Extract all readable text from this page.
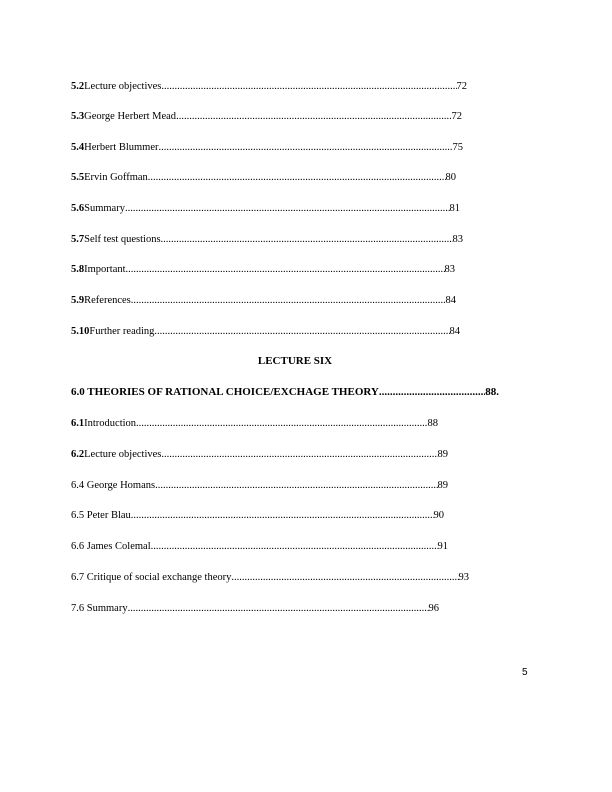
5.2 Lecture objectives .....	72
5.3 George Herbert Mead .....	72
5.4 Herbert Blummer .....	75
5.5 Ervin Goffman .....	80
5.6 Summary .....	81
5.7 Self test questions .....	83
5.8 Important .....	83
5.9 References .....	84
5.10 Further reading .....	84
LECTURE SIX
6.0 THEORIES OF RATIONAL CHOICE/EXCHAGE THEORY .....	88.
6.1 Introduction .....	88
6.2 Lecture objectives .....	89
6.4 George Homans .....	89
6.5 Peter Blau .....	90
6.6 James Colemal .....	91
6.7 Critique of social exchange theory .....	93
7.6 Summary .....	96
5
